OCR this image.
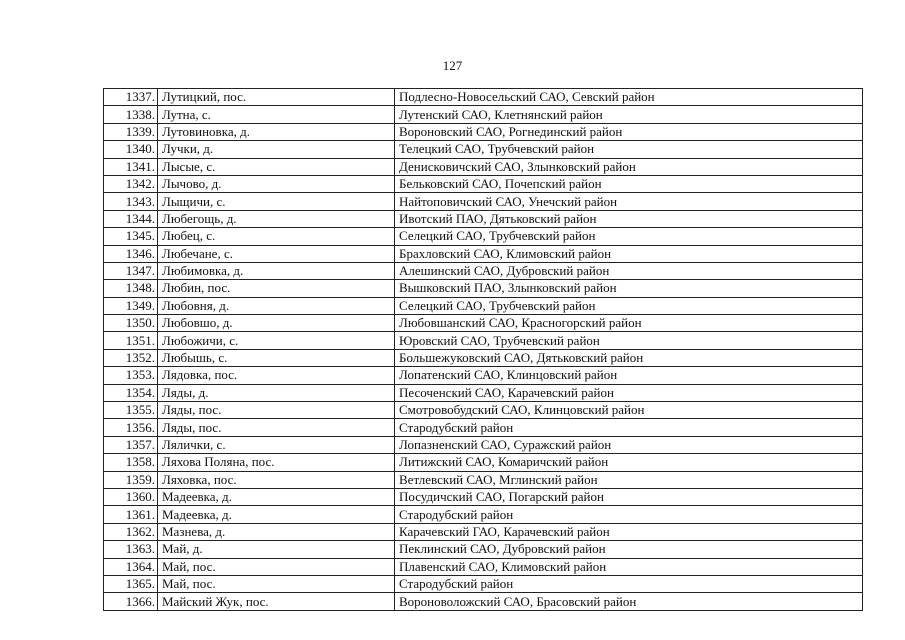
127
1337.	Лутицкий, пос.	Подлесно-Новосельский САО, Севский район
1338.	Лутна, с.	Лутенский САО, Клетнянский район
1339.	Лутовиновка, д.	Вороновский САО, Рогнединский район
1340.	Лучки, д.	Телецкий САО, Трубчевский район
1341.	Лысые, с.	Денисковичский САО, Злынковский район
1342.	Лычово, д.	Бельковский САО, Почепский район
1343.	Лыщичи, с.	Найтоповичский САО, Унечский район
1344.	Любегощь, д.	Ивотский ПАО, Дятьковский район
1345.	Любец, с.	Селецкий САО, Трубчевский район
1346.	Любечане, с.	Брахловский САО, Климовский район
1347.	Любимовка, д.	Алешинский САО, Дубровский район
1348.	Любин, пос.	Вышковский ПАО, Злынковский район
1349.	Любовня, д.	Селецкий САО, Трубчевский район
1350.	Любовшо, д.	Любовшанский САО, Красногорский район
1351.	Любожичи, с.	Юровский САО, Трубчевский район
1352.	Любышь, с.	Большежуковский САО, Дятьковский район
1353.	Лядовка, пос.	Лопатенский САО, Клинцовский район
1354.	Ляды, д.	Песоченский САО, Карачевский район
1355.	Ляды, пос.	Смотровобудский САО, Клинцовский район
1356.	Ляды, пос.	Стародубский район
1357.	Лялички, с.	Лопазненский САО, Суражский район
1358.	Ляхова Поляна, пос.	Литижский САО, Комаричский район
1359.	Ляховка, пос.	Ветлевский САО, Мглинский район
1360.	Мадеевка, д.	Посудичский САО, Погарский район
1361.	Мадеевка, д.	Стародубский район
1362.	Мазнева, д.	Карачевский ГАО, Карачевский район
1363.	Май, д.	Пеклинский САО, Дубровский район
1364.	Май, пос.	Плавенский САО, Климовский район
1365.	Май, пос.	Стародубский район
1366.	Майский Жук, пос.	Вороноволожский САО, Брасовский район
